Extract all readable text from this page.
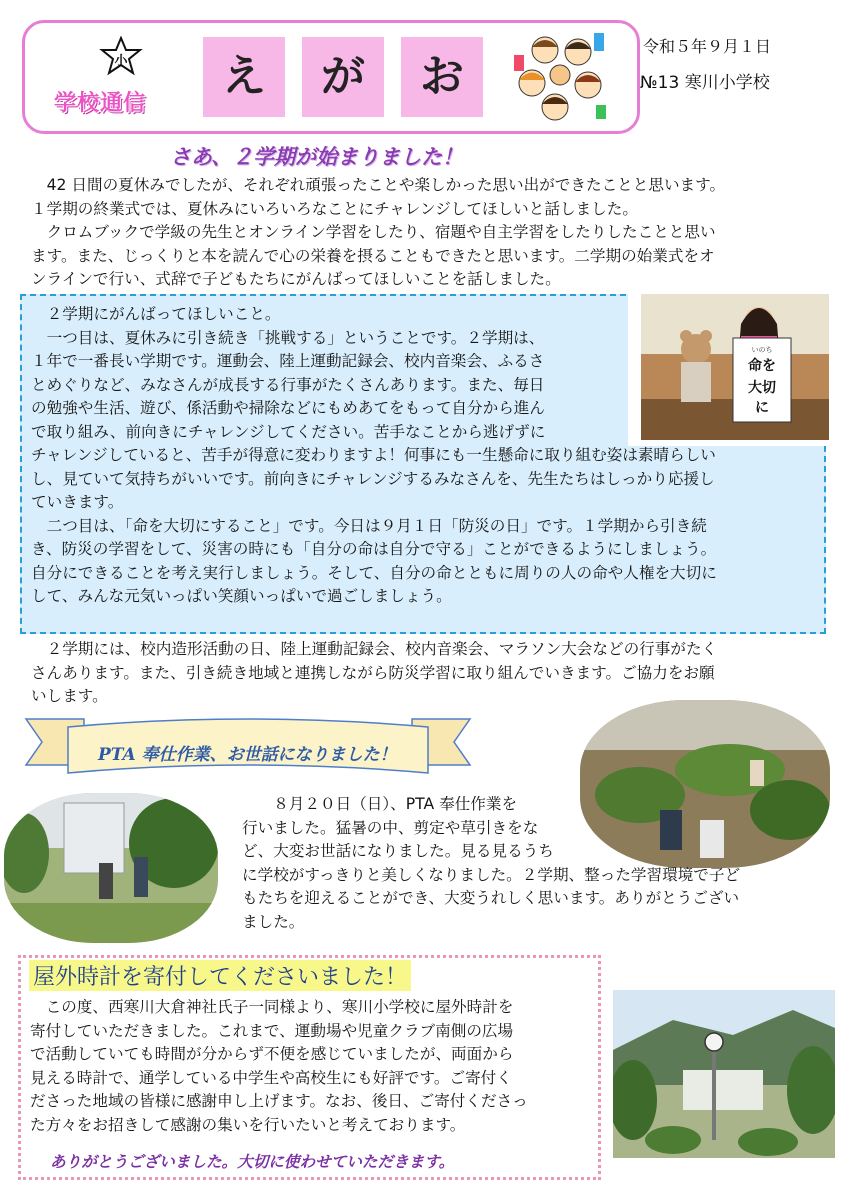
小
学校通信
え	が	お
令和５年９月１日
№13 寒川小学校
さあ、２学期が始まりました！

42 日間の夏休みでしたが、それぞれ頑張ったことや楽しかった思い出ができたことと思います。

１学期の終業式では、夏休みにいろいろなことにチャレンジしてほしいと話しました。

クロムブックで学級の先生とオンライン学習をしたり、宿題や自主学習をしたりしたことと思い

ます。また、じっくりと本を読んで心の栄養を摂ることもできたと思います。二学期の始業式をオ

ンラインで行い、式辞で子どもたちにがんばってほしいことを話しました。

いのち
命を
大切
に

２学期にがんばってほしいこと。

一つ目は、夏休みに引き続き「挑戦する」ということです。２学期は、

１年で一番長い学期です。運動会、陸上運動記録会、校内音楽会、ふるさ

とめぐりなど、みなさんが成長する行事がたくさんあります。また、毎日

の勉強や生活、遊び、係活動や掃除などにもめあてをもって自分から進ん

で取り組み、前向きにチャレンジしてください。苦手なことから逃げずに

チャレンジしていると、苦手が得意に変わりますよ！何事にも一生懸命に取り組む姿は素晴らしい

し、見ていて気持ちがいいです。前向きにチャレンジするみなさんを、先生たちはしっかり応援し

ていきます。

二つ目は、「命を大切にすること」です。今日は９月１日「防災の日」です。１学期から引き続

き、防災の学習をして、災害の時にも「自分の命は自分で守る」ことができるようにしましょう。

自分にできることを考え実行しましょう。そして、自分の命とともに周りの人の命や人権を大切に

して、みんな元気いっぱい笑顔いっぱいで過ごしましょう。

２学期には、校内造形活動の日、陸上運動記録会、校内音楽会、マラソン大会などの行事がたく

さんあります。また、引き続き地域と連携しながら防災学習に取り組んでいきます。ご協力をお願

いします。

PTA 奉仕作業、お世話になりました！

８月２０日（日）、PTA 奉仕作業を

行いました。猛暑の中、剪定や草引きをな

ど、大変お世話になりました。見る見るうち

に学校がすっきりと美しくなりました。２学期、整った学習環境で子ど

もたちを迎えることができ、大変うれしく思います。ありがとうござい

ました。

屋外時計を寄付してくださいました！

この度、西寒川大倉神社氏子一同様より、寒川小学校に屋外時計を

寄付していただきました。これまで、運動場や児童クラブ南側の広場

で活動していても時間が分からず不便を感じていましたが、両面から

見える時計で、通学している中学生や高校生にも好評です。ご寄付く

ださった地域の皆様に感謝申し上げます。なお、後日、ご寄付くださっ

た方々をお招きして感謝の集いを行いたいと考えております。

ありがとうございました。大切に使わせていただきます。
